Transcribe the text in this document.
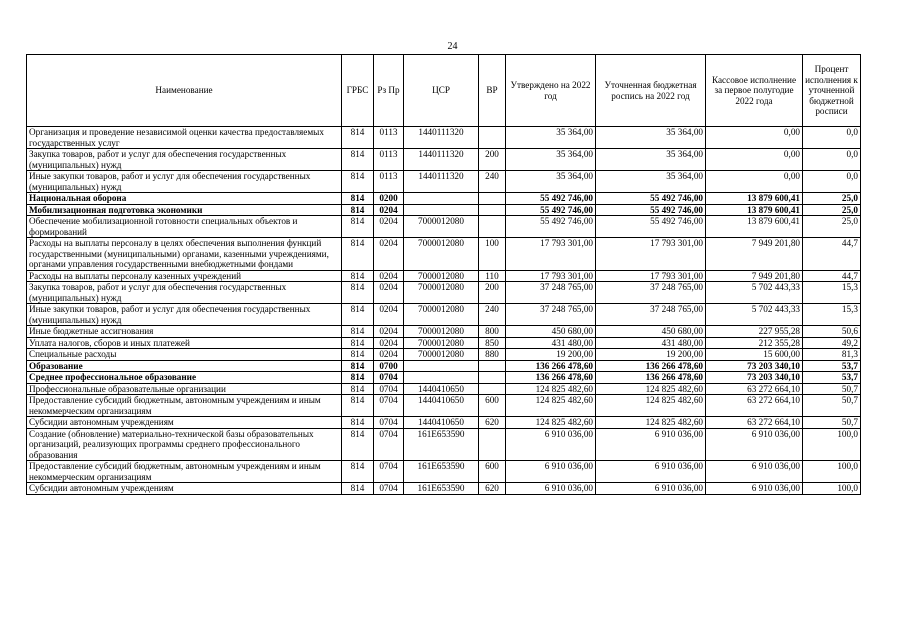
24
Наименование	ГРБС	Рз Пр	ЦСР	ВР	Утверждено на 2022 год	Уточненная бюджетная роспись на 2022 год	Кассовое исполнение за первое полугодие 2022 года	Процент исполнения к уточненной бюджетной росписи
Организация и проведение независимой оценки качества предоставляемых государственных услуг	814	0113	1440111320		35 364,00	35 364,00	0,00	0,0
Закупка товаров, работ и услуг для обеспечения государственных (муниципальных) нужд	814	0113	1440111320	200	35 364,00	35 364,00	0,00	0,0
Иные закупки товаров, работ и услуг для обеспечения государственных (муниципальных) нужд	814	0113	1440111320	240	35 364,00	35 364,00	0,00	0,0
Национальная оборона	814	0200			55 492 746,00	55 492 746,00	13 879 600,41	25,0
Мобилизационная подготовка экономики	814	0204			55 492 746,00	55 492 746,00	13 879 600,41	25,0
Обеспечение мобилизационной готовности специальных объектов и формирований	814	0204	7000012080		55 492 746,00	55 492 746,00	13 879 600,41	25,0
Расходы на выплаты персоналу в целях обеспечения выполнения функций государственными (муниципальными) органами, казенными учреждениями, органами управления государственными внебюджетными фондами	814	0204	7000012080	100	17 793 301,00	17 793 301,00	7 949 201,80	44,7
Расходы на выплаты персоналу казенных учреждений	814	0204	7000012080	110	17 793 301,00	17 793 301,00	7 949 201,80	44,7
Закупка товаров, работ и услуг для обеспечения государственных (муниципальных) нужд	814	0204	7000012080	200	37 248 765,00	37 248 765,00	5 702 443,33	15,3
Иные закупки товаров, работ и услуг для обеспечения государственных (муниципальных) нужд	814	0204	7000012080	240	37 248 765,00	37 248 765,00	5 702 443,33	15,3
Иные бюджетные ассигнования	814	0204	7000012080	800	450 680,00	450 680,00	227 955,28	50,6
Уплата налогов, сборов и иных платежей	814	0204	7000012080	850	431 480,00	431 480,00	212 355,28	49,2
Специальные расходы	814	0204	7000012080	880	19 200,00	19 200,00	15 600,00	81,3
Образование	814	0700			136 266 478,60	136 266 478,60	73 203 340,10	53,7
Среднее профессиональное образование	814	0704			136 266 478,60	136 266 478,60	73 203 340,10	53,7
Профессиональные образовательные организации	814	0704	1440410650		124 825 482,60	124 825 482,60	63 272 664,10	50,7
Предоставление субсидий бюджетным, автономным учреждениям и иным некоммерческим организациям	814	0704	1440410650	600	124 825 482,60	124 825 482,60	63 272 664,10	50,7
Субсидии автономным учреждениям	814	0704	1440410650	620	124 825 482,60	124 825 482,60	63 272 664,10	50,7
Создание (обновление) материально-технической базы образовательных организаций, реализующих программы среднего профессионального образования	814	0704	161E653590		6 910 036,00	6 910 036,00	6 910 036,00	100,0
Предоставление субсидий бюджетным, автономным учреждениям и иным некоммерческим организациям	814	0704	161E653590	600	6 910 036,00	6 910 036,00	6 910 036,00	100,0
Субсидии автономным учреждениям	814	0704	161E653590	620	6 910 036,00	6 910 036,00	6 910 036,00	100,0
